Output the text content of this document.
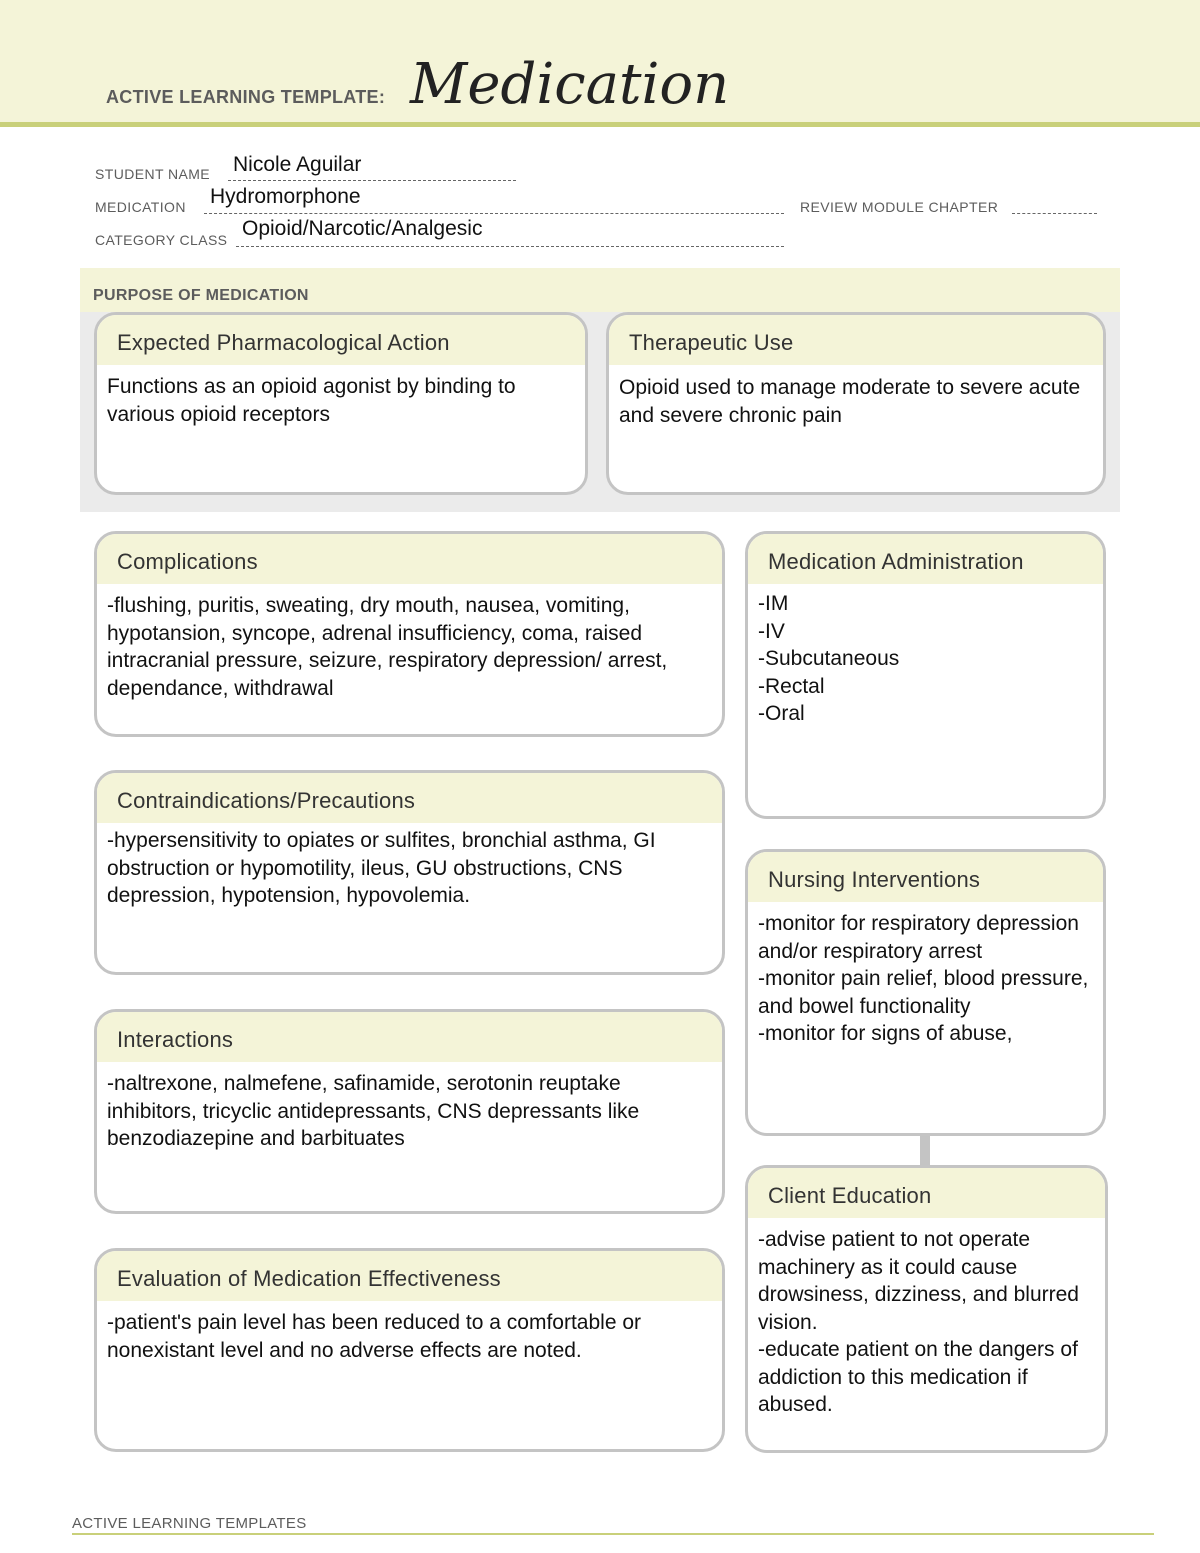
ACTIVE LEARNING TEMPLATE: Medication
STUDENT NAME Nicole Aguilar
MEDICATION Hydromorphone	REVIEW MODULE CHAPTER
CATEGORY CLASS Opioid/Narcotic/Analgesic
PURPOSE OF MEDICATION
Expected Pharmacological Action
Functions as an opioid agonist by binding to various opioid receptors
Therapeutic Use
Opioid used to manage moderate to severe acute and severe chronic pain
Complications
-flushing, puritis, sweating, dry mouth, nausea, vomiting, hypotansion, syncope, adrenal insufficiency, coma, raised intracranial pressure, seizure, respiratory depression/ arrest, dependance, withdrawal
Contraindications/Precautions
-hypersensitivity to opiates or sulfites, bronchial asthma, GI obstruction or hypomotility, ileus, GU obstructions, CNS depression, hypotension, hypovolemia.
Interactions
-naltrexone, nalmefene, safinamide, serotonin reuptake inhibitors, tricyclic antidepressants, CNS depressants like benzodiazepine and barbituates
Evaluation of Medication Effectiveness
-patient's pain level has been reduced to a comfortable or nonexistant level and no adverse effects are noted.
Medication Administration
-IM
-IV
-Subcutaneous
-Rectal
-Oral
Nursing Interventions
-monitor for respiratory depression and/or respiratory arrest
-monitor pain relief, blood pressure, and bowel functionality
-monitor for signs of abuse,
Client Education
-advise patient to not operate machinery as it could cause drowsiness, dizziness, and blurred vision.
-educate patient on the dangers of addiction to this medication if abused.
ACTIVE LEARNING TEMPLATES
